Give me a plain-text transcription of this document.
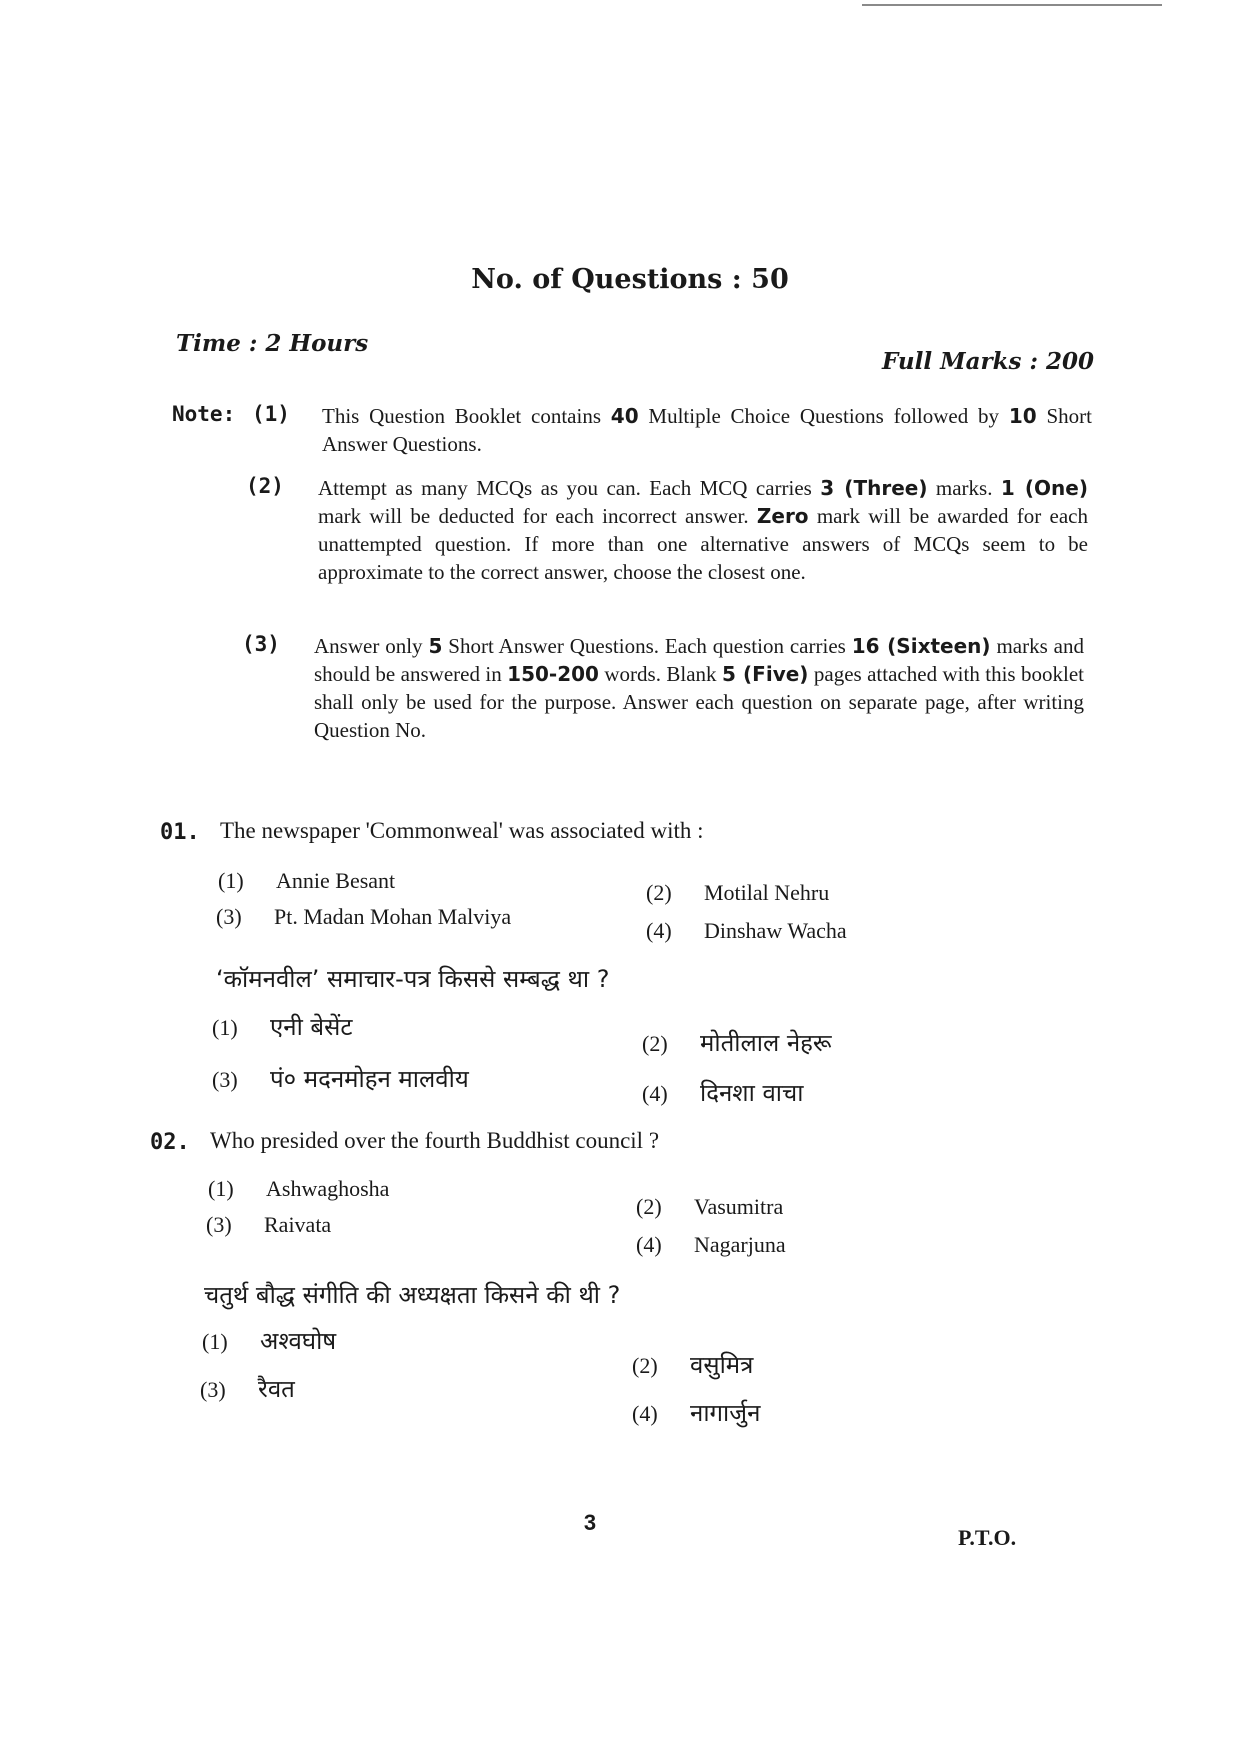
No. of Questions : 50
Time : 2 Hours
Full Marks : 200
Note: (1) This Question Booklet contains 40 Multiple Choice Questions followed by 10 Short Answer Questions.
(2) Attempt as many MCQs as you can. Each MCQ carries 3 (Three) marks. 1 (One) mark will be deducted for each incorrect answer. Zero mark will be awarded for each unattempted question. If more than one alternative answers of MCQs seem to be approximate to the correct answer, choose the closest one.
(3) Answer only 5 Short Answer Questions. Each question carries 16 (Sixteen) marks and should be answered in 150-200 words. Blank 5 (Five) pages attached with this booklet shall only be used for the purpose. Answer each question on separate page, after writing Question No.
01. The newspaper 'Commonweal' was associated with :
(1) Annie Besant	(2) Motilal Nehru
(3) Pt. Madan Mohan Malviya
(4) Dinshaw Wacha
‘कॉमनवील’ समाचार-पत्र किससे सम्बद्ध था ?
(1) एनी बेसेंट
(2) मोतीलाल नेहरू
(3) पं० मदनमोहन मालवीय
(4) दिनशा वाचा
02. Who presided over the fourth Buddhist council ?
(1) Ashwaghosha
(2) Vasumitra
(3) Raivata
(4) Nagarjuna
चतुर्थ बौद्ध संगीति की अध्यक्षता किसने की थी ?
(1) अश्वघोष
(2) वसुमित्र
(3) रैवत
(4) नागार्जुन
3
P.T.O.
